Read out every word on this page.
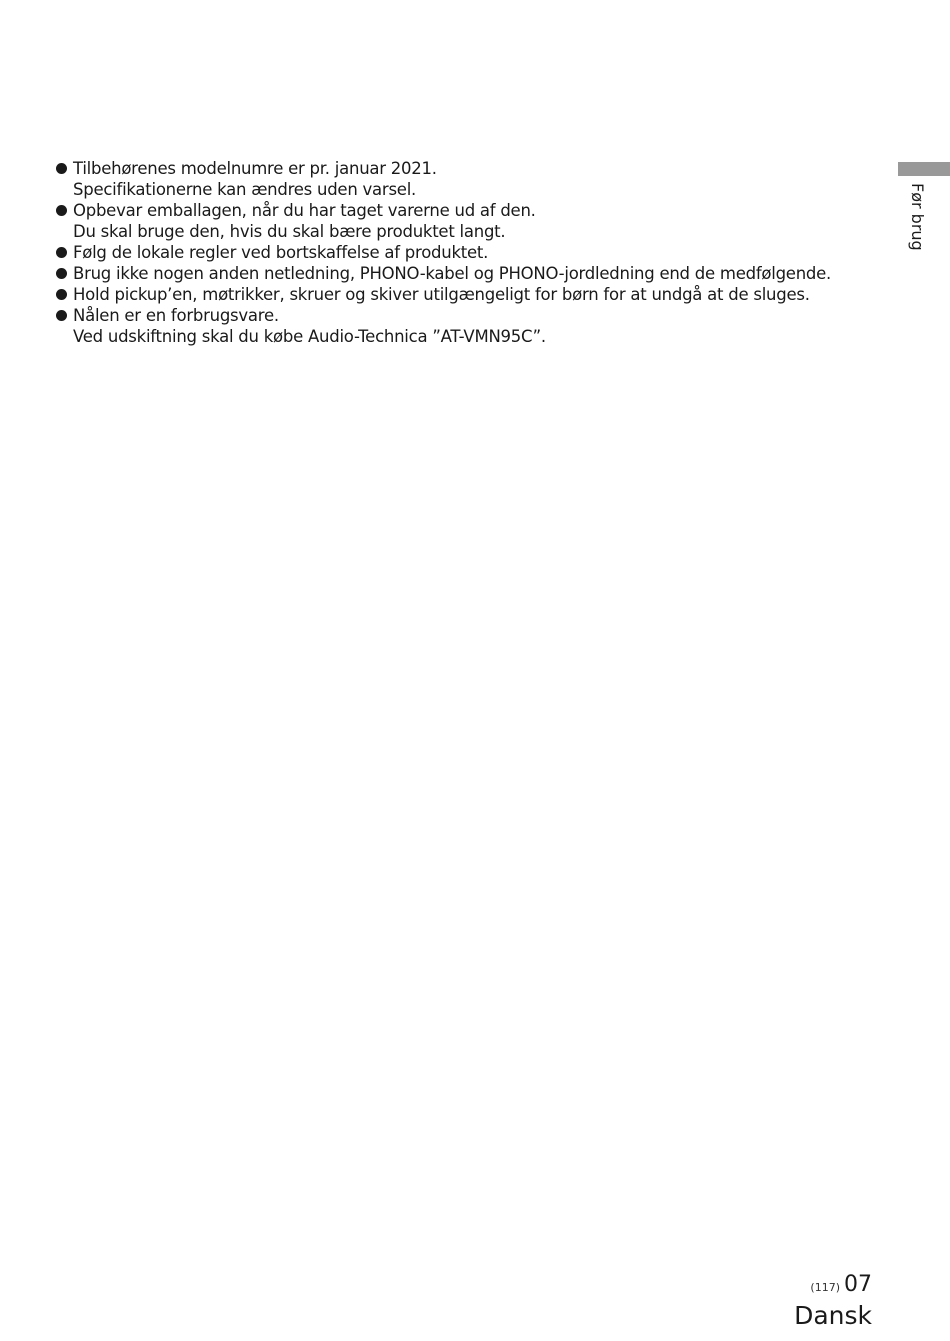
Tilbehørenes modelnumre er pr. januar 2021.
Specifikationerne kan ændres uden varsel.
Opbevar emballagen, når du har taget varerne ud af den.
Du skal bruge den, hvis du skal bære produktet langt.
Følg de lokale regler ved bortskaffelse af produktet.
Brug ikke nogen anden netledning, PHONO-kabel og PHONO-jordledning end de medfølgende.
Hold pickup’en, møtrikker, skruer og skiver utilgængeligt for børn for at undgå at de sluges.
Nålen er en forbrugsvare.
Ved udskiftning skal du købe Audio-Technica ”AT-VMN95C”.
Før brug
(117) 07
Dansk
